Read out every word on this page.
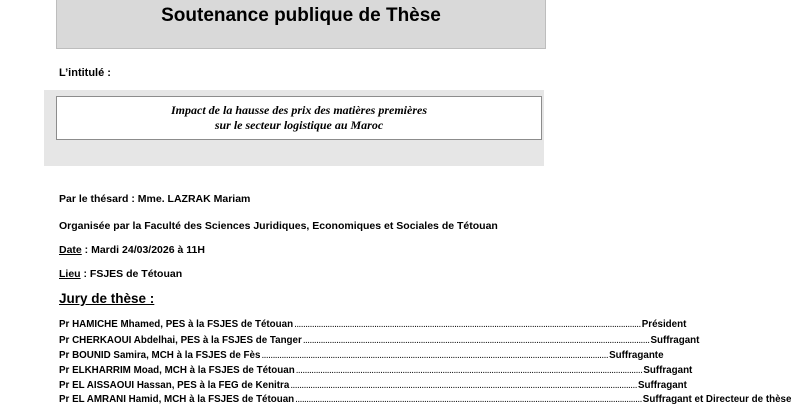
Soutenance publique de Thèse
L’intitulé :
Impact de la hausse des prix des matières premières
sur le secteur logistique au Maroc
Par le thésard : Mme. LAZRAK Mariam
Organisée par la Faculté des Sciences Juridiques, Economiques et Sociales de Tétouan
Date : Mardi 24/03/2026 à 11H
Lieu : FSJES de Tétouan
Jury de thèse :
Pr HAMICHE Mhamed, PES à la FSJES de Tétouan ............................................................................................................................................................ Président
Pr CHERKAOUI Abdelhai, PES à la FSJES de Tanger ............................................................................................................................................................ Suffragant
Pr BOUNID Samira, MCH à la FSJES de Fès ............................................................................................................................................................ Suffragante
Pr ELKHARRIM Moad, MCH à la FSJES de Tétouan ............................................................................................................................................................ Suffragant
Pr EL AISSAOUI Hassan, PES à la FEG de Kenitra ............................................................................................................................................................ Suffragant
Pr EL AMRANI Hamid, MCH à la FSJES de Tétouan ............................................................................................................................................................ Suffragant et Directeur de thèse
